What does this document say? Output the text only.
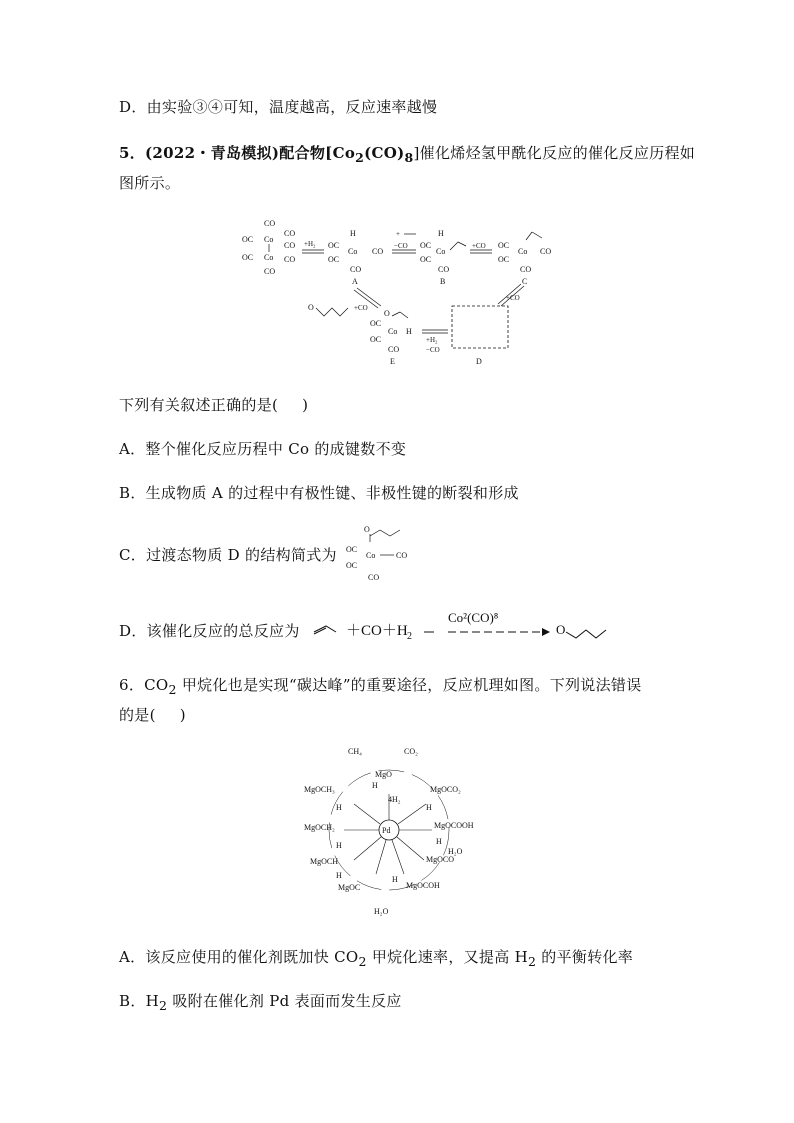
D．由实验③④可知，温度越高，反应速率越慢
5．(2022・青岛模拟)配合物$[Co_2(CO)_8]$催化烯烃氢甲酰化反应的催化反应历程如
图所示。
CO
OC Co
CO
CO
OC Co CO
CO
+H₂
H
OC
Co CO
OC
CO
A
+
−CO
H
OC
Co
OC
CO
B
+CO OC
Co CO
OC
CO
C
+CO
D
+H₂
−CO
O
OC
Co H
OC
CO
E
+CO
O
下列有关叙述正确的是( )
A．整个催化反应历程中 Co 的成键数不变
B．生成物质 A 的过程中有极性键、非极性键的断裂和形成
C．过渡态物质 D 的结构简式为
O
OC
Co	CO
OC
CO
D．该催化反应的总反应为	＋CO＋H 2
Co²(CO)⁸
O
6．$CO_2$ 甲烷化也是实现“碳达峰”的重要途径，反应机理如图。下列说法错误
的是( )
Pd
CH₄	CO₂
MgO
MgOCH₃	MgOCO₂
H
4H₂
H	H
MgOCH₂	MgOCOOH
H	H
H₂O
MgOCH	MgOCO
H	H
MgOC	MgOCOH
H₂O
A．该反应使用的催化剂既加快 $CO_2$ 甲烷化速率，又提高 $H_2$ 的平衡转化率
B．$H_2$ 吸附在催化剂 Pd 表面而发生反应
